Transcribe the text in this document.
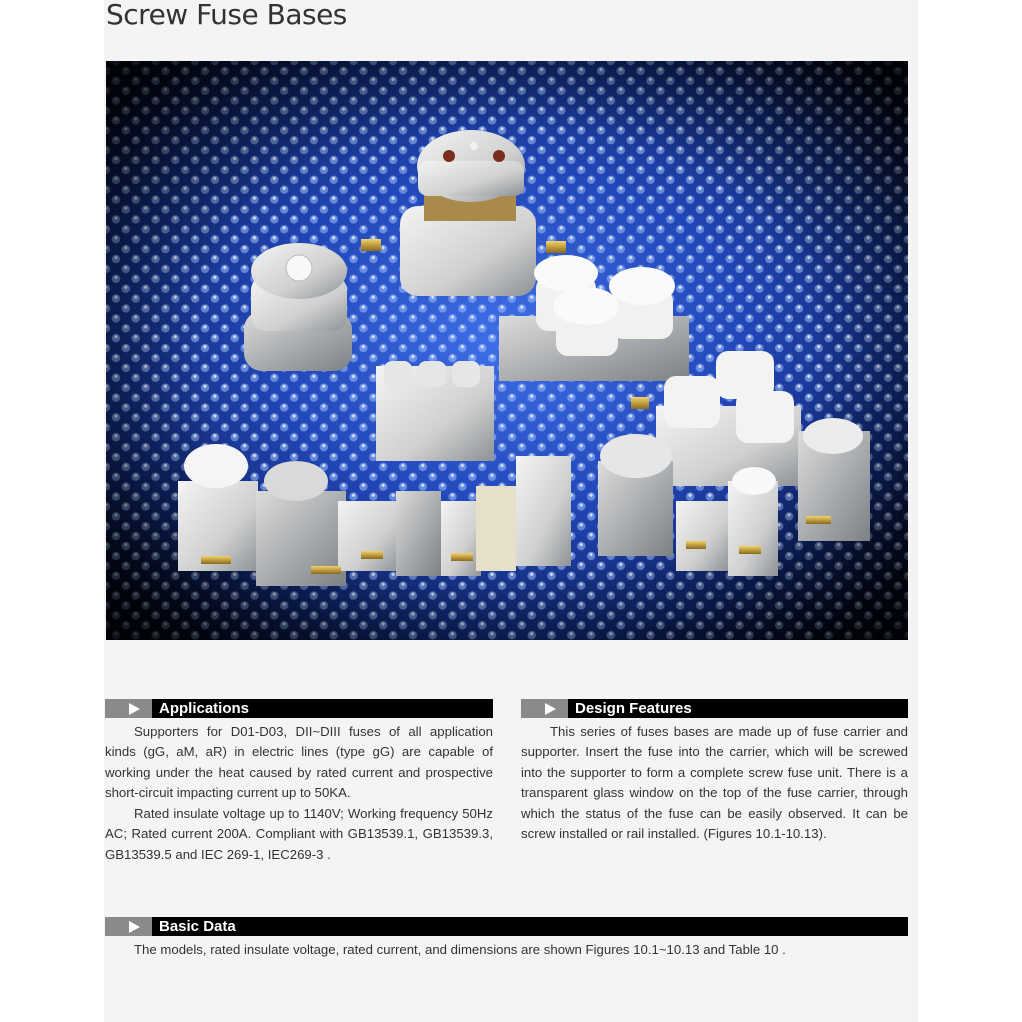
Screw Fuse Bases
Applications

Supporters for D01-D03, DII~DIII fuses of all application kinds (gG, aM, aR) in electric lines (type gG) are capable of working under the heat caused by rated current and prospective short-circuit impacting current up to 50KA.

Rated insulate voltage up to 1140V; Working frequency 50Hz AC; Rated current 200A. Compliant with GB13539.1, GB13539.3, GB13539.5 and IEC 269-1, IEC269-3 .

Design Features

This series of fuses bases are made up of fuse carrier and supporter. Insert the fuse into the carrier, which will be screwed into the supporter to form a complete screw fuse unit. There is a transparent glass window on the top of the fuse carrier, through which the status of the fuse can be easily observed. It can be screw installed or rail installed. (Figures 10.1-10.13).

Basic Data

The models, rated insulate voltage, rated current, and dimensions are shown Figures 10.1~10.13 and Table 10 .
